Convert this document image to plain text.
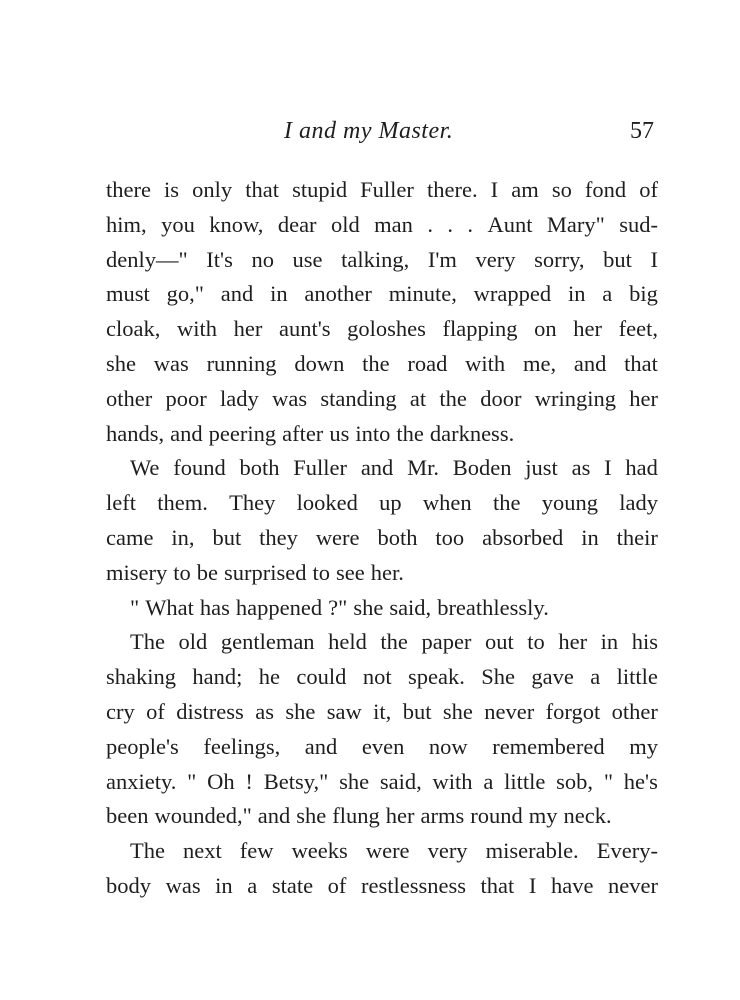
I and my Master.	57
there is only that stupid Fuller there. I am so fond of
him, you know, dear old man . . . Aunt Mary" sud-
denly—" It's no use talking, I'm very sorry, but I
must go," and in another minute, wrapped in a big
cloak, with her aunt's goloshes flapping on her feet,
she was running down the road with me, and that
other poor lady was standing at the door wringing her
hands, and peering after us into the darkness.
We found both Fuller and Mr. Boden just as I had
left them. They looked up when the young lady
came in, but they were both too absorbed in their
misery to be surprised to see her.
" What has happened ?" she said, breathlessly.
The old gentleman held the paper out to her in his
shaking hand; he could not speak. She gave a little
cry of distress as she saw it, but she never forgot other
people's feelings, and even now remembered my
anxiety. " Oh ! Betsy," she said, with a little sob, " he's
been wounded," and she flung her arms round my neck.
The next few weeks were very miserable. Every-
body was in a state of restlessness that I have never
